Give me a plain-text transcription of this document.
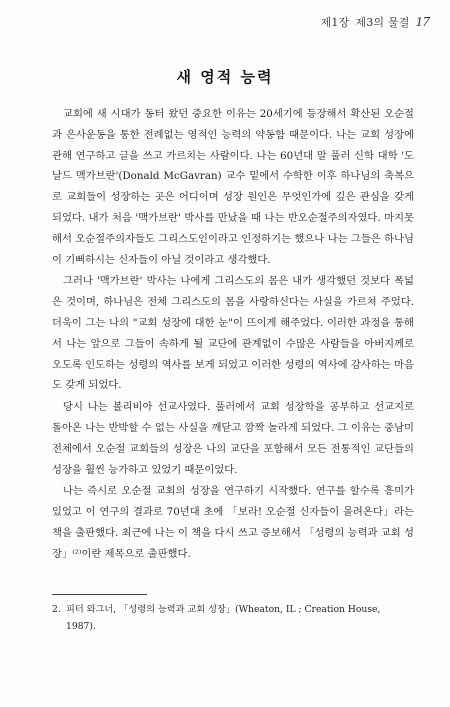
제1장 제3의 물결 17
새 영적 능력

교회에 새 시대가 동터 왔던 중요한 이유는 20세기에 등장해서 확산된 오순절과 은사운동을 통한 전례없는 영적인 능력의 약동함 때문이다. 나는 교회 성장에 관해 연구하고 글을 쓰고 가르치는 사람이다. 나는 60년대 말 풀러 신학 대학 '도날드 맥가브란'(Donald McGavran) 교수 밑에서 수학한 이후 하나님의 축복으로 교회들이 성장하는 곳은 어디이며 성장 원인은 무엇인가에 깊은 관심을 갖게 되었다. 내가 처음 '맥가브란' 박사를 만났을 때 나는 반오순절주의자였다. 마지못해서 오순절주의자들도 그리스도인이라고 인정하기는 했으나 나는 그들은 하나님이 기뻐하시는 신자들이 아닐 것이라고 생각했다.

그러나 '맥가브란' 박사는 나에게 그리스도의 몸은 내가 생각했던 것보다 폭넓은 것이며, 하나님은 전체 그리스도의 몸을 사랑하신다는 사실을 가르쳐 주었다. 더욱이 그는 나의 "교회 성장에 대한 눈"이 뜨이게 해주었다. 이러한 과정을 통해서 나는 앞으로 그들이 속하게 될 교단에 관계없이 수많은 사람들을 아버지께로 오도록 인도하는 성령의 역사를 보게 되었고 이러한 성령의 역사에 감사하는 마음도 갖게 되었다.

당시 나는 볼리비아 선교사였다. 풀러에서 교회 성장학을 공부하고 선교지로 돌아온 나는 반박할 수 없는 사실을 깨닫고 깜짝 놀라게 되었다. 그 이유는 중남미 전체에서 오순절 교회들의 성장은 나의 교단을 포함해서 모든 전통적인 교단들의 성장을 훨씬 능가하고 있었기 때문이었다.

나는 즉시로 오순절 교회의 성장을 연구하기 시작했다. 연구를 할수록 흥미가 있었고 이 연구의 결과로 70년대 초에 「보라! 오순절 신자들이 몰려온다」라는 책을 출판했다. 최근에 나는 이 책을 다시 쓰고 증보해서 「성령의 능력과 교회 성장」⁽²⁾이란 제목으로 출판했다.

2. 피터 와그너, 「성령의 능력과 교회 성장」(Wheaton, IL ; Creation House,
1987).
